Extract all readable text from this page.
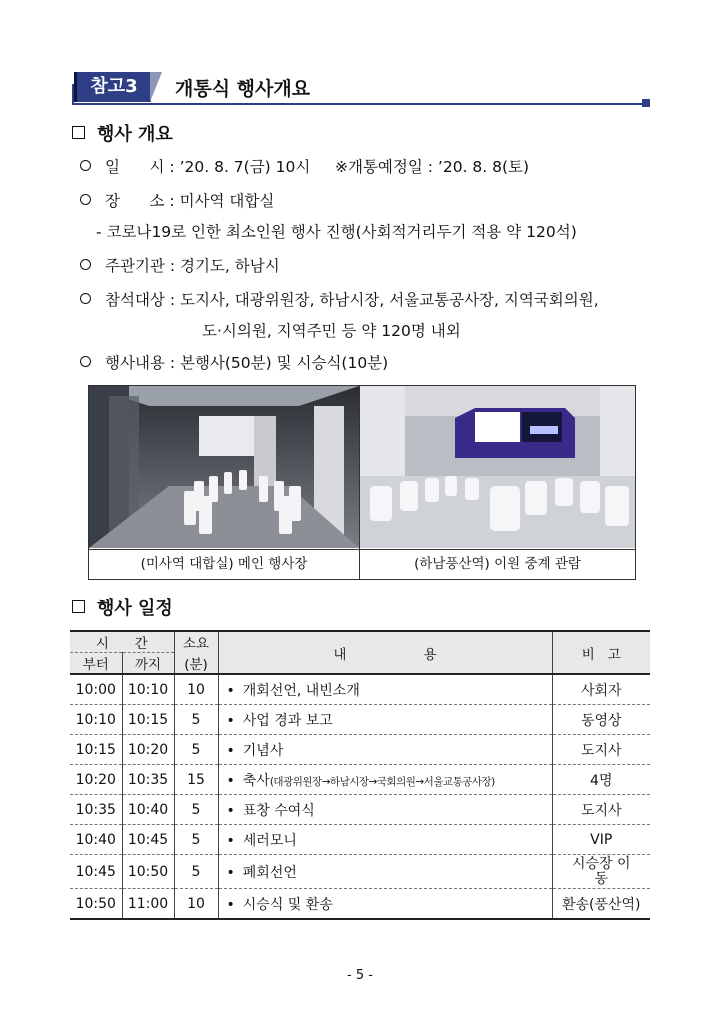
참고3	개통식 행사개요
행사 개요
일      시 : ’20. 8. 7(금) 10시     ※개통예정일 : ’20. 8. 8(토)
장      소 : 미사역 대합실
- 코로나19로 인한 최소인원 행사 진행(사회적거리두기 적용 약 120석)
주관기관 : 경기도, 하남시
참석대상 : 도지사, 대광위원장, 하남시장, 서울교통공사장, 지역국회의원,
도·시의원, 지역주민 등 약 120명 내외
행사내용 : 본행사(50분) 및 시승식(10분)
(미사역 대합실) 메인 행사장	(하남풍산역) 이원 중계 관람
행사 일정
시      간		소요	내                  용	비   고
부터	까지	(분)		
10:00	10:10	10	• 개회선언, 내빈소개	사회자
10:10	10:15	5	• 사업 경과 보고	동영상
10:15	10:20	5	• 기념사	도지사
10:20	10:35	15	• 축사(대광위원장→하남시장→국회의원→서울교통공사장)	4명
10:35	10:40	5	• 표창 수여식	도지사
10:40	10:45	5	• 세러모니	VIP
10:45	10:50	5	• 폐회선언	시승장 이동
10:50	11:00	10	• 시승식 및 환송	환송(풍산역)
- 5 -
